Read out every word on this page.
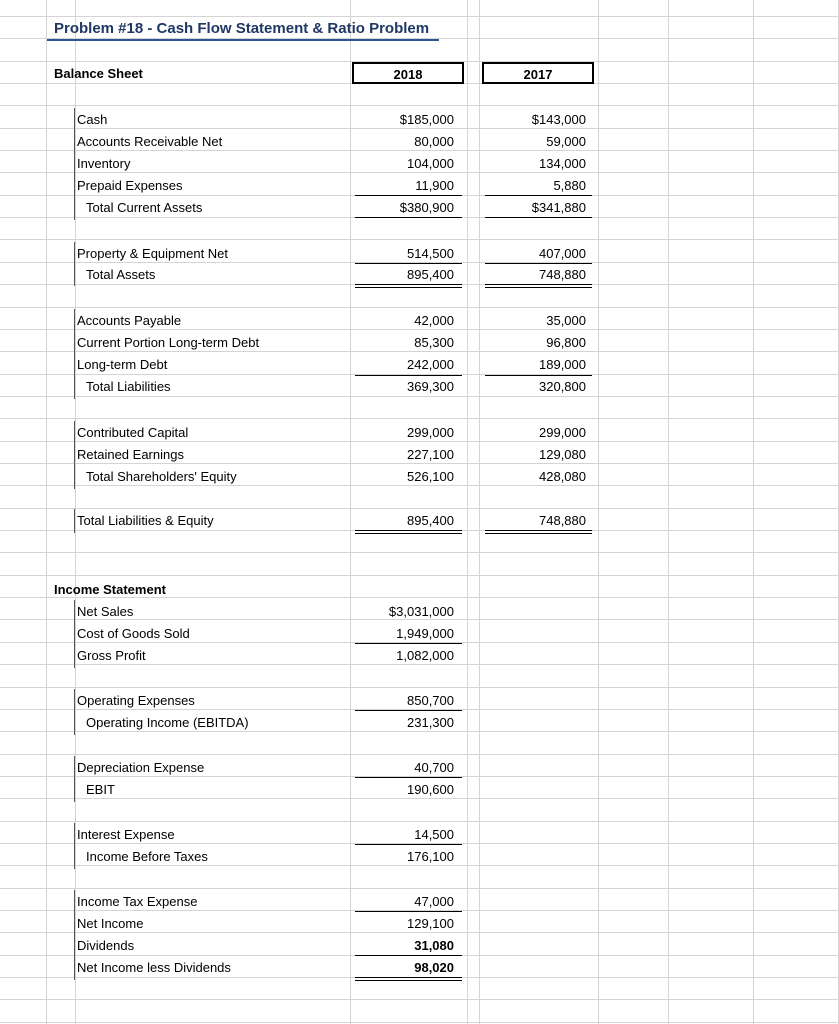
Problem #18 - Cash Flow Statement & Ratio Problem
Balance Sheet	2018	2017
Cash	$185,000	$143,000
Accounts Receivable Net	80,000	59,000
Inventory	104,000	134,000
Prepaid Expenses	11,900	5,880
Total Current Assets	$380,900	$341,880
Property & Equipment Net	514,500	407,000
Total Assets	895,400	748,880
Accounts Payable	42,000	35,000
Current Portion Long-term Debt	85,300	96,800
Long-term Debt	242,000	189,000
Total Liabilities	369,300	320,800
Contributed Capital	299,000	299,000
Retained Earnings	227,100	129,080
Total Shareholders' Equity	526,100	428,080
Total Liabilities & Equity	895,400	748,880
Income Statement
Net Sales	$3,031,000
Cost of Goods Sold	1,949,000
Gross Profit	1,082,000
Operating Expenses	850,700
Operating Income (EBITDA)	231,300
Depreciation Expense	40,700
EBIT	190,600
Interest Expense	14,500
Income Before Taxes	176,100
Income Tax Expense	47,000
Net Income	129,100
Dividends	31,080
Net Income less Dividends	98,020
